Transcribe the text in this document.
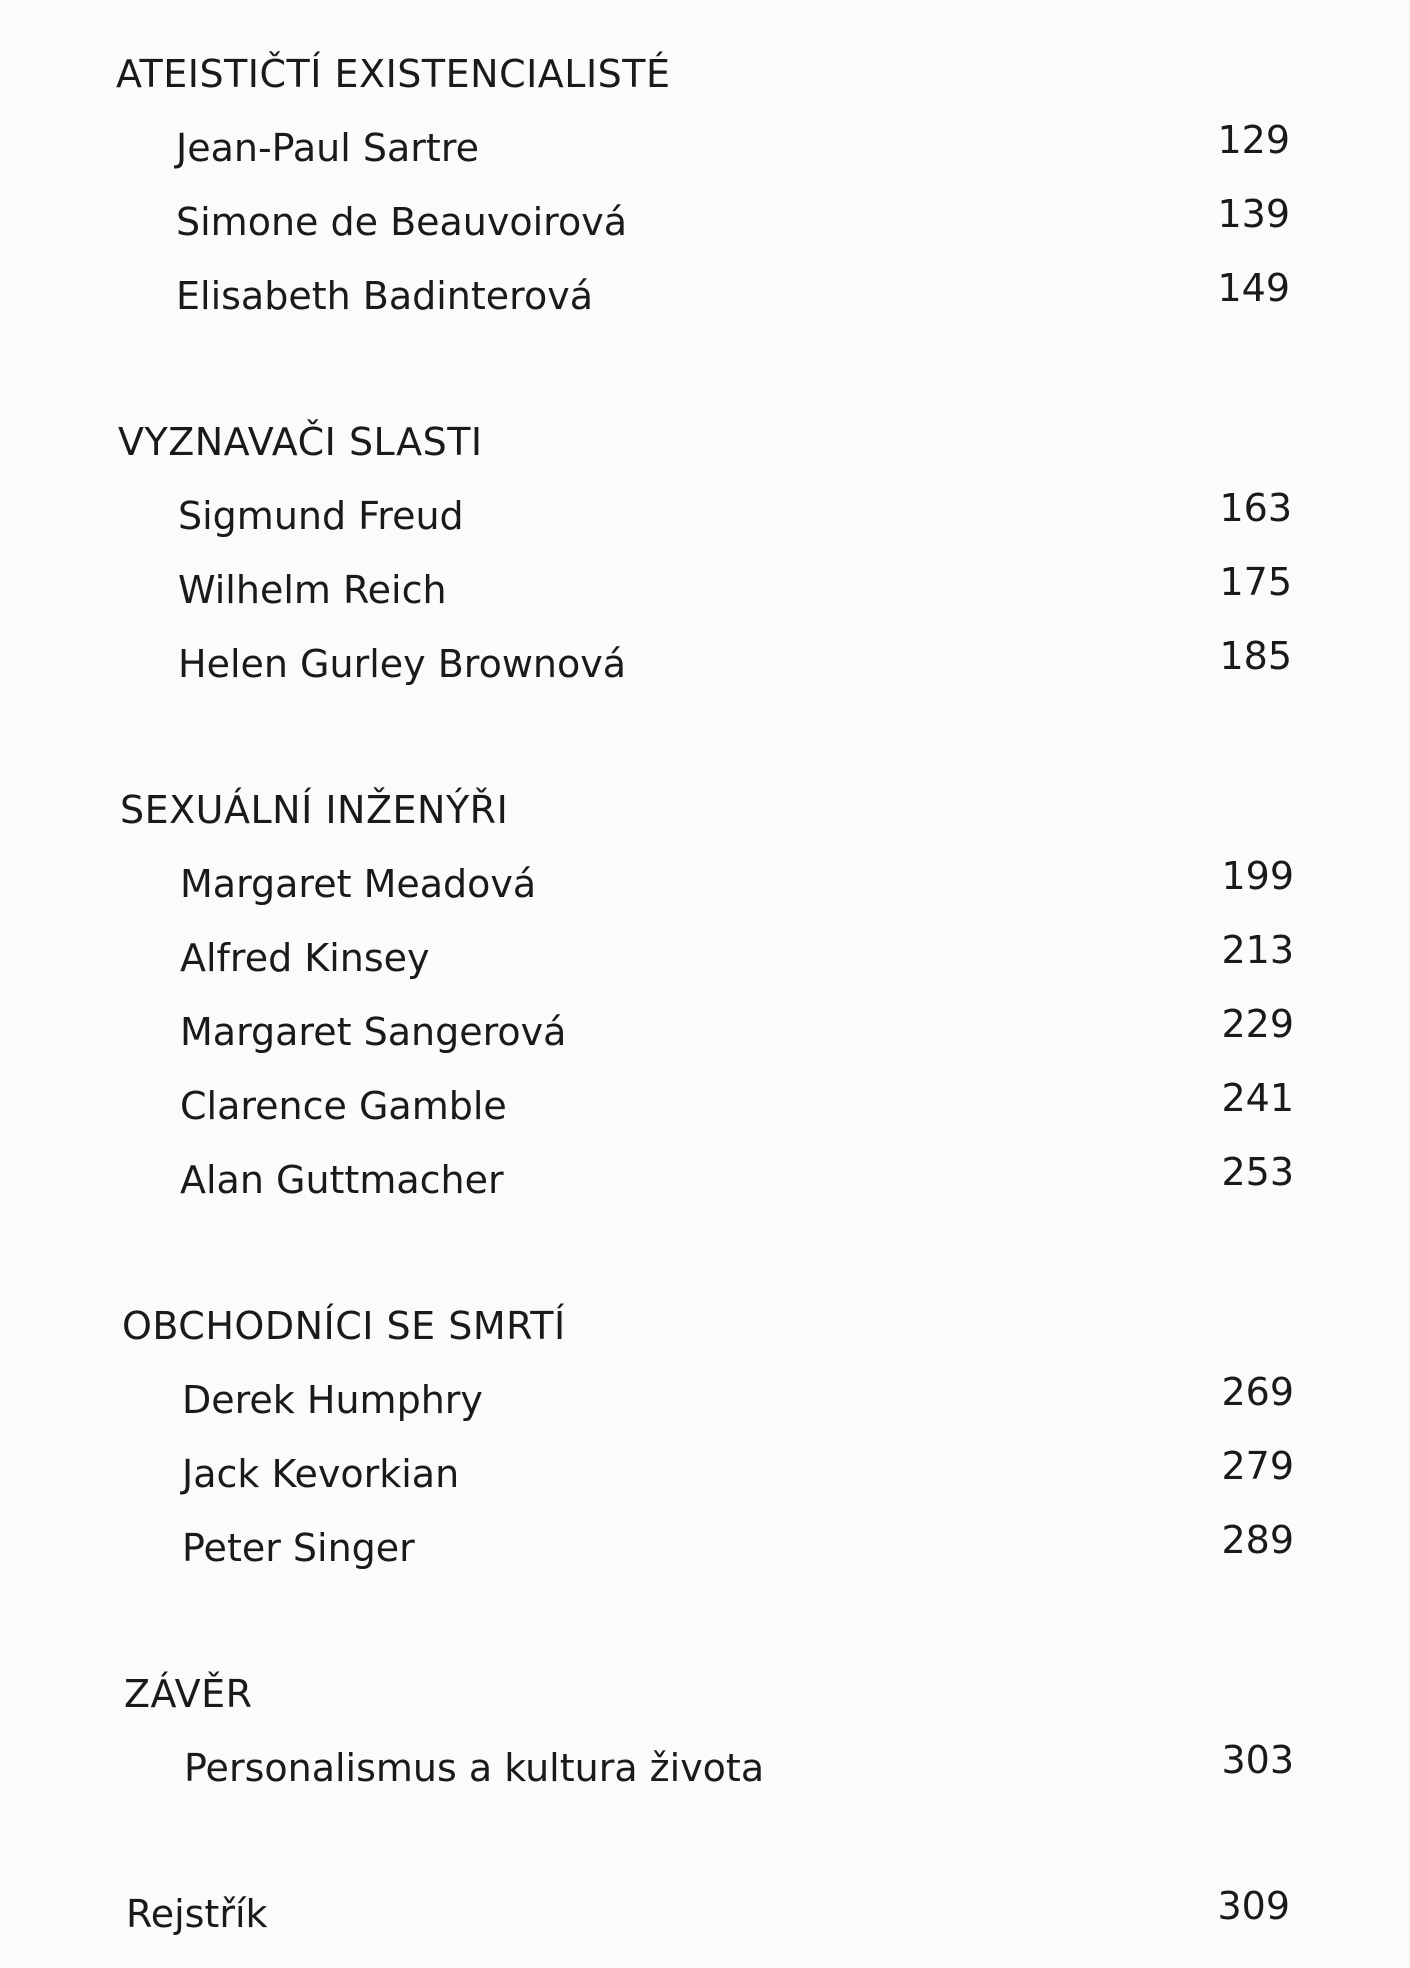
ATEISTIČTÍ EXISTENCIALISTÉ
Jean-Paul Sartre	129
Simone de Beauvoirová	139
Elisabeth Badinterová	149
VYZNAVAČI SLASTI
Sigmund Freud	163
Wilhelm Reich	175
Helen Gurley Brownová	185
SEXUÁLNÍ INŽENÝŘI
Margaret Meadová	199
Alfred Kinsey	213
Margaret Sangerová	229
Clarence Gamble	241
Alan Guttmacher	253
OBCHODNÍCI SE SMRTÍ
Derek Humphry	269
Jack Kevorkian	279
Peter Singer	289
ZÁVĚR
Personalismus a kultura života	303
Rejstřík	309
